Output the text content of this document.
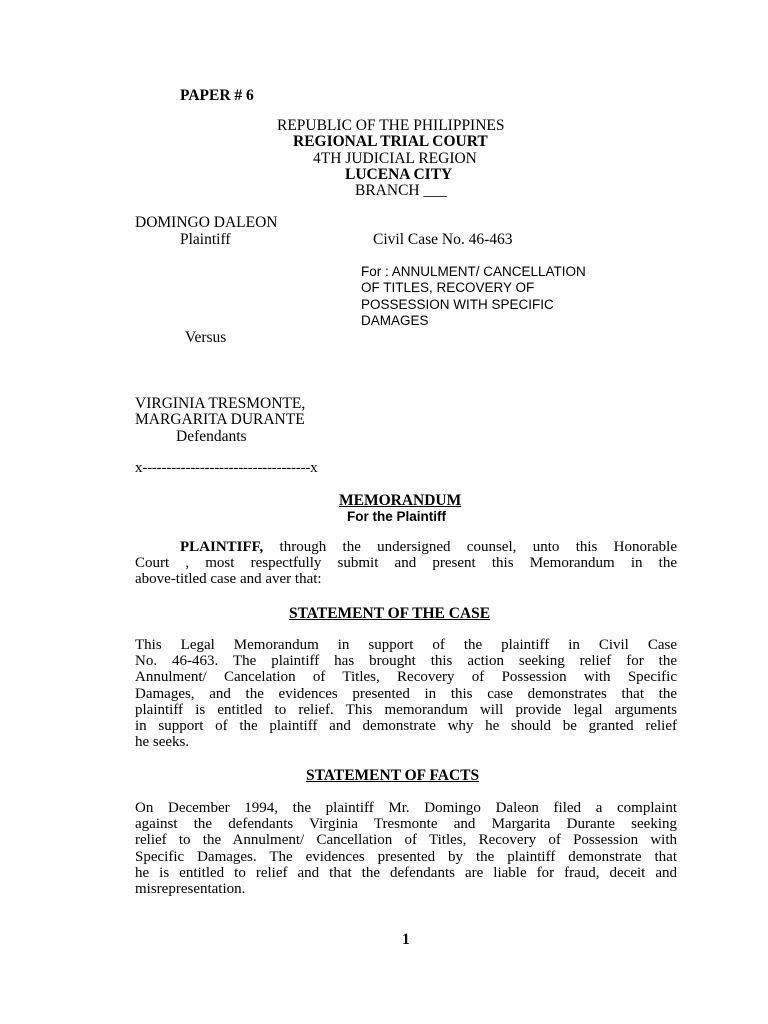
PAPER # 6
REPUBLIC OF THE PHILIPPINES
REGIONAL TRIAL COURT
4TH JUDICIAL REGION
LUCENA CITY
BRANCH ___
DOMINGO DALEON
Plaintiff	Civil Case No. 46-463
For : ANNULMENT/ CANCELLATION
OF TITLES, RECOVERY OF
POSSESSION WITH SPECIFIC
DAMAGES
Versus
VIRGINIA TRESMONTE,
MARGARITA DURANTE
Defendants
x-----------------------------------x
MEMORANDUM
For the Plaintiff
PLAINTIFF, through the undersigned counsel, unto this Honorable
Court , most respectfully submit and present this Memorandum in the
above-titled case and aver that:
STATEMENT OF THE CASE
This Legal Memorandum in support of the plaintiff in Civil Case
No. 46-463. The plaintiff has brought this action seeking relief for the
Annulment/ Cancelation of Titles, Recovery of Possession with Specific
Damages, and the evidences presented in this case demonstrates that the
plaintiff is entitled to relief. This memorandum will provide legal arguments
in support of the plaintiff and demonstrate why he should be granted relief
he seeks.
STATEMENT OF FACTS
On December 1994, the plaintiff Mr. Domingo Daleon filed a complaint
against the defendants Virginia Tresmonte and Margarita Durante seeking
relief to the Annulment/ Cancellation of Titles, Recovery of Possession with
Specific Damages. The evidences presented by the plaintiff demonstrate that
he is entitled to relief and that the defendants are liable for fraud, deceit and
misrepresentation.
1
